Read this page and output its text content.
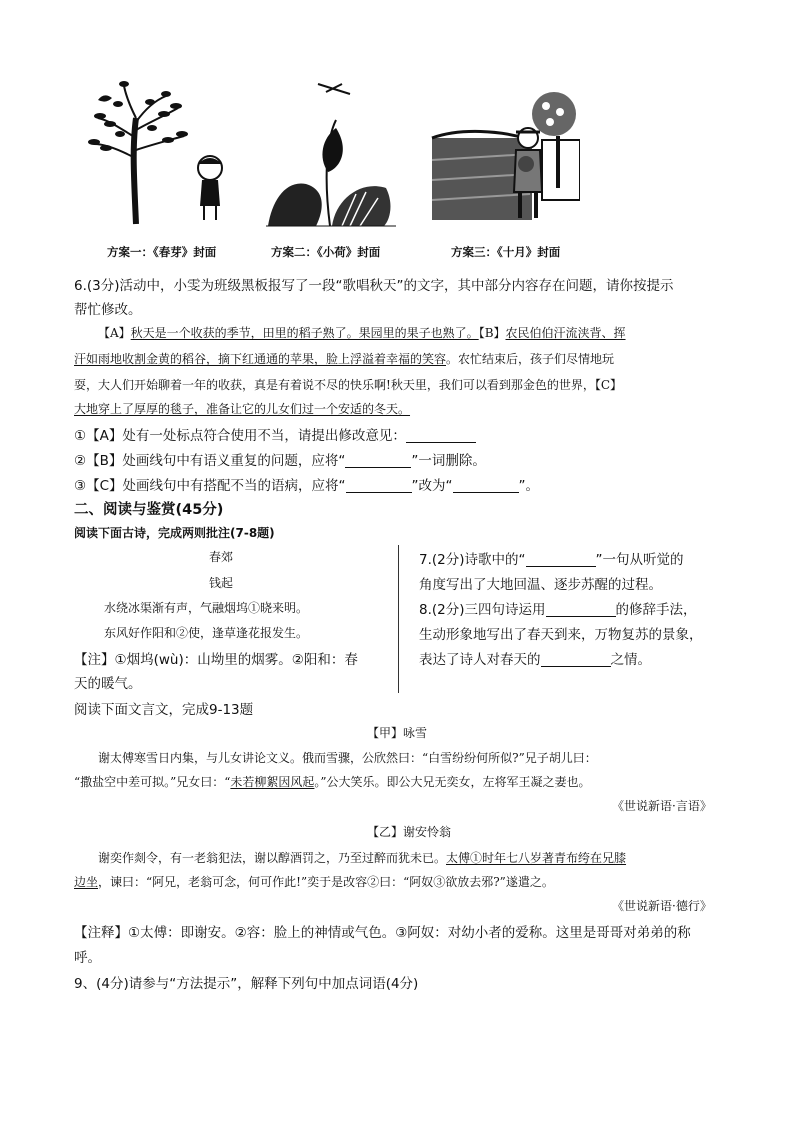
方案一：《春芽》封面	方案二：《小荷》封面	方案三：《十月》封面
6.(3分)活动中，小雯为班级黑板报写了一段“歌唱秋天”的文字，其中部分内容存在问题，请你按提示
帮忙修改。
【A】秋天是一个收获的季节，田里的稻子熟了。果园里的果子也熟了。【B】农民伯伯汗流浃背、挥
汗如雨地收割金黄的稻谷，摘下红通通的苹果，脸上浮溢着幸福的笑容。农忙结束后，孩子们尽情地玩
耍，大人们开始聊着一年的收获，真是有着说不尽的快乐啊!秋天里，我们可以看到那金色的世界，【C】
大地穿上了厚厚的毯子，准备让它的儿女们过一个安适的冬天。
①【A】处有一处标点符合使用不当，请提出修改意见：
②【B】处画线句中有语义重复的问题，应将“	”一词删除。
③【C】处画线句中有搭配不当的语病，应将“	”改为“	”。
二、阅读与鉴赏(45分)
阅读下面古诗，完成两则批注(7-8题)
春郊
钱起
水绕冰渠渐有声，气融烟坞①晓来明。
东风好作阳和②使，逢草逢花报发生。
【注】①烟坞(wù)：山坳里的烟雾。②阳和：春
天的暖气。
7.(2分)诗歌中的“	”一句从听觉的
角度写出了大地回温、逐步苏醒的过程。
8.(2分)三四句诗运用	的修辞手法，
生动形象地写出了春天到来，万物复苏的景象，
表达了诗人对春天的	之情。
阅读下面文言文，完成9-13题
【甲】咏雪
谢太傅寒雪日内集，与儿女讲论文义。俄而雪骤，公欣然曰：“白雪纷纷何所似?”兄子胡儿曰：
“撒盐空中差可拟。”兄女曰：“未若柳絮因风起。”公大笑乐。即公大兄无奕女，左将军王凝之妻也。
《世说新语·言语》
【乙】谢安怜翁
谢奕作剡令，有一老翁犯法，谢以醇酒罚之，乃至过醉而犹未已。太傅①时年七八岁著青布绔在兄膝
边坐，谏曰：“阿兄，老翁可念，何可作此!”奕于是改容②曰：“阿奴③欲放去邪?”遂遣之。
《世说新语·德行》
【注释】①太傅：即谢安。②容：脸上的神情或气色。③阿奴：对幼小者的爱称。这里是哥哥对弟弟的称
呼。
9、(4分)请参与“方法提示”，解释下列句中加点词语(4分)
